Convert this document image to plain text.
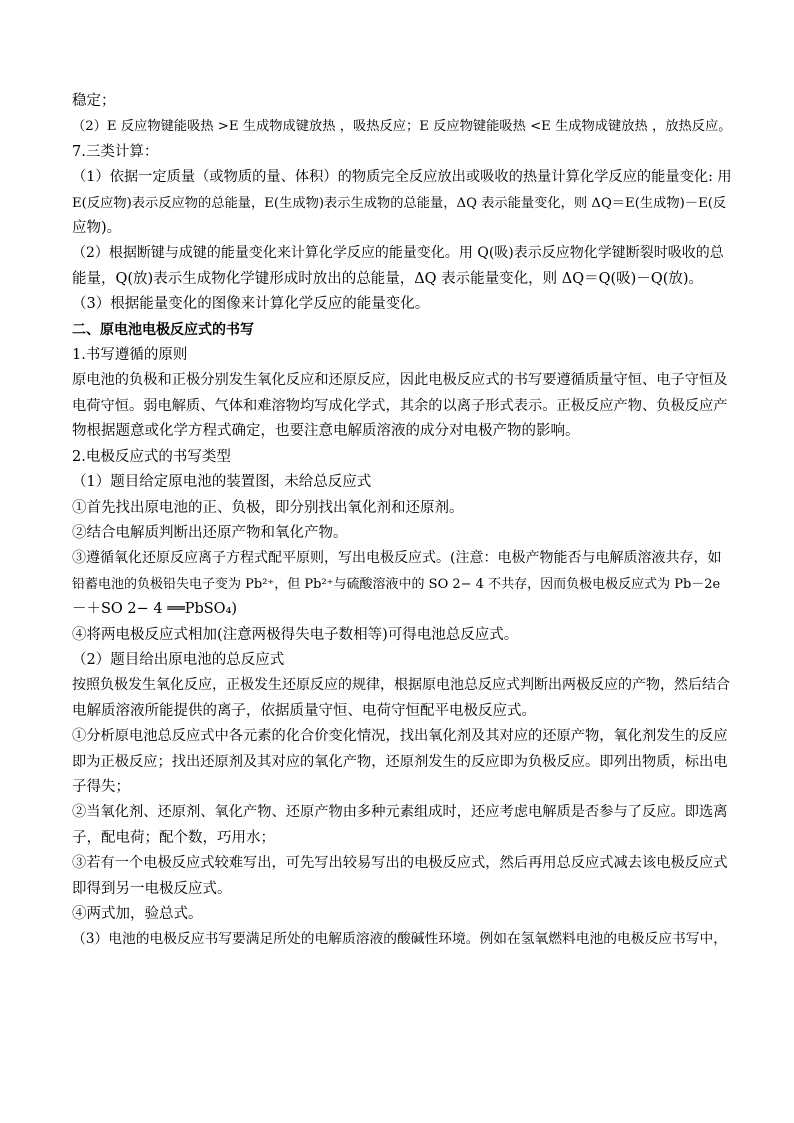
稳定；
（2）E 反应物键能吸热 >E 生成物成键放热 ，吸热反应；E 反应物键能吸热 <E 生成物成键放热 ，放热反应。
7.三类计算：
（1）依据一定质量（或物质的量、体积）的物质完全反应放出或吸收的热量计算化学反应的能量变化: 用
E(反应物)表示反应物的总能量，E(生成物)表示生成物的总能量，ΔQ 表示能量变化，则 ΔQ＝E(生成物)－E(反
应物)。
（2）根据断键与成键的能量变化来计算化学反应的能量变化。用 Q(吸)表示反应物化学键断裂时吸收的总
能量，Q(放)表示生成物化学键形成时放出的总能量，ΔQ 表示能量变化，则 ΔQ＝Q(吸)－Q(放)。
（3）根据能量变化的图像来计算化学反应的能量变化。
二、原电池电极反应式的书写
1.书写遵循的原则
原电池的负极和正极分别发生氧化反应和还原反应，因此电极反应式的书写要遵循质量守恒、电子守恒及
电荷守恒。弱电解质、气体和难溶物均写成化学式，其余的以离子形式表示。正极反应产物、负极反应产
物根据题意或化学方程式确定，也要注意电解质溶液的成分对电极产物的影响。
2.电极反应式的书写类型
（1）题目给定原电池的装置图，未给总反应式
①首先找出原电池的正、负极，即分别找出氧化剂和还原剂。
②结合电解质判断出还原产物和氧化产物。
③遵循氧化还原反应离子方程式配平原则，写出电极反应式。(注意：电极产物能否与电解质溶液共存，如
铅蓄电池的负极铅失电子变为 Pb²⁺，但 Pb²⁺与硫酸溶液中的 SO 2− 4 不共存，因而负极电极反应式为 Pb－2e
－＋SO 2− 4 ══PbSO₄)
④将两电极反应式相加(注意两极得失电子数相等)可得电池总反应式。
（2）题目给出原电池的总反应式
按照负极发生氧化反应，正极发生还原反应的规律，根据原电池总反应式判断出两极反应的产物，然后结合
电解质溶液所能提供的离子，依据质量守恒、电荷守恒配平电极反应式。
①分析原电池总反应式中各元素的化合价变化情况，找出氧化剂及其对应的还原产物，氧化剂发生的反应
即为正极反应；找出还原剂及其对应的氧化产物，还原剂发生的反应即为负极反应。即列出物质，标出电
子得失；
②当氧化剂、还原剂、氧化产物、还原产物由多种元素组成时，还应考虑电解质是否参与了反应。即选离
子，配电荷；配个数，巧用水；
③若有一个电极反应式较难写出，可先写出较易写出的电极反应式，然后再用总反应式减去该电极反应式
即得到另一电极反应式。
④两式加，验总式。
（3）电池的电极反应书写要满足所处的电解质溶液的酸碱性环境。例如在氢氧燃料电池的电极反应书写中，
